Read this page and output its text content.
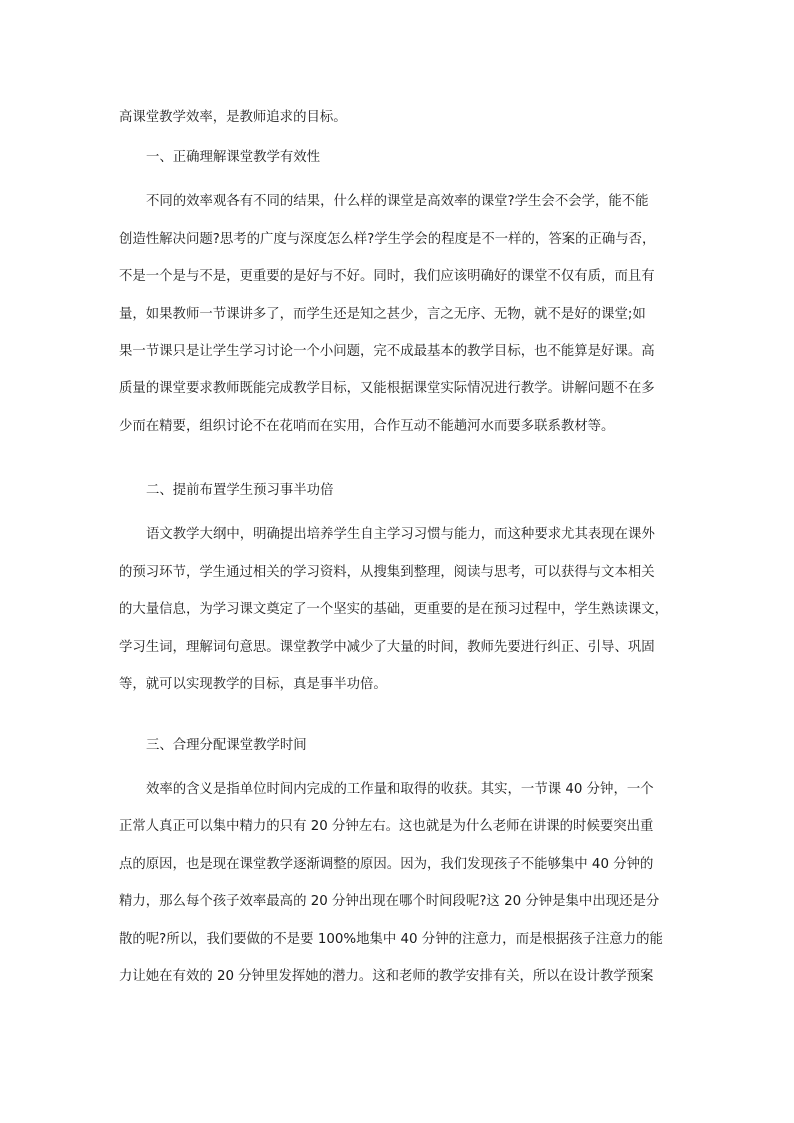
高课堂教学效率，是教师追求的目标。
一、正确理解课堂教学有效性
不同的效率观各有不同的结果，什么样的课堂是高效率的课堂?学生会不会学，能不能
创造性解决问题?思考的广度与深度怎么样?学生学会的程度是不一样的，答案的正确与否，
不是一个是与不是，更重要的是好与不好。同时，我们应该明确好的课堂不仅有质，而且有
量，如果教师一节课讲多了，而学生还是知之甚少，言之无序、无物，就不是好的课堂;如
果一节课只是让学生学习讨论一个小问题，完不成最基本的教学目标，也不能算是好课。高
质量的课堂要求教师既能完成教学目标，又能根据课堂实际情况进行教学。讲解问题不在多
少而在精要，组织讨论不在花哨而在实用，合作互动不能趟河水而要多联系教材等。
二、提前布置学生预习事半功倍
语文教学大纲中，明确提出培养学生自主学习习惯与能力，而这种要求尤其表现在课外
的预习环节，学生通过相关的学习资料，从搜集到整理，阅读与思考，可以获得与文本相关
的大量信息，为学习课文奠定了一个坚实的基础，更重要的是在预习过程中，学生熟读课文，
学习生词，理解词句意思。课堂教学中减少了大量的时间，教师先要进行纠正、引导、巩固
等，就可以实现教学的目标，真是事半功倍。
三、合理分配课堂教学时间
效率的含义是指单位时间内完成的工作量和取得的收获。其实，一节课 40 分钟，一个
正常人真正可以集中精力的只有 20 分钟左右。这也就是为什么老师在讲课的时候要突出重
点的原因，也是现在课堂教学逐渐调整的原因。因为，我们发现孩子不能够集中 40 分钟的
精力，那么每个孩子效率最高的 20 分钟出现在哪个时间段呢?这 20 分钟是集中出现还是分
散的呢?所以，我们要做的不是要 100%地集中 40 分钟的注意力，而是根据孩子注意力的能
力让她在有效的 20 分钟里发挥她的潜力。这和老师的教学安排有关，所以在设计教学预案
